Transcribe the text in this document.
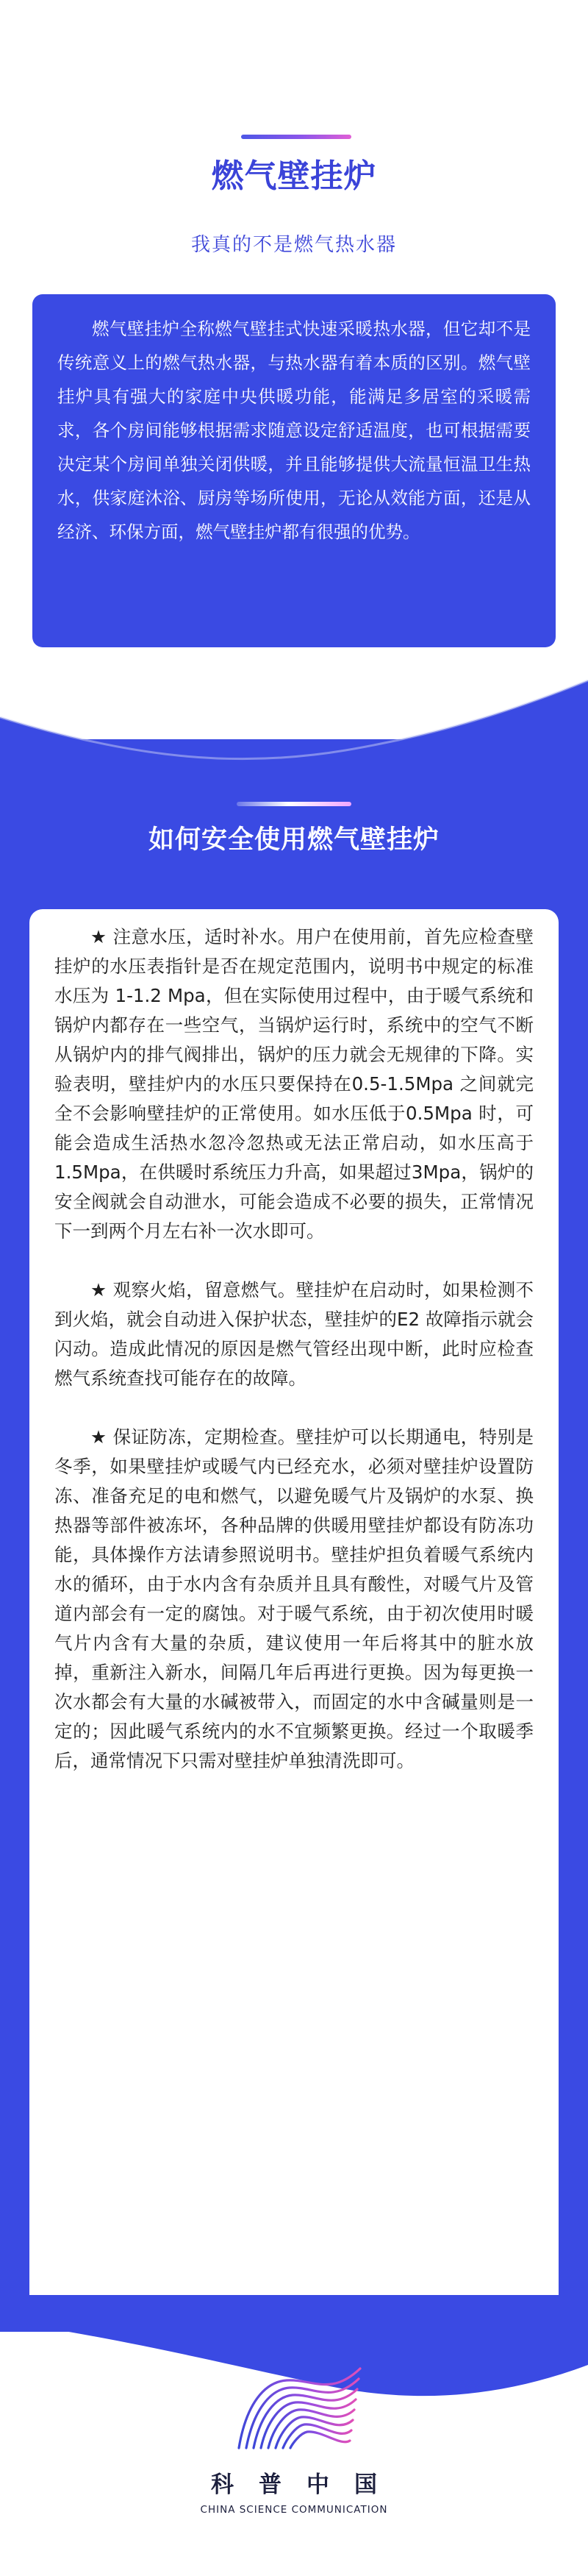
燃气壁挂炉
我真的不是燃气热水器
燃气壁挂炉全称燃气壁挂式快速采暖热水器，但它却不是传统意义上的燃气热水器，与热水器有着本质的区别。燃气壁挂炉具有强大的家庭中央供暖功能，能满足多居室的采暖需求，各个房间能够根据需求随意设定舒适温度，也可根据需要决定某个房间单独关闭供暖，并且能够提供大流量恒温卫生热水，供家庭沐浴、厨房等场所使用，无论从效能方面，还是从经济、环保方面，燃气壁挂炉都有很强的优势。
如何安全使用燃气壁挂炉

★ 注意水压，适时补水。用户在使用前，首先应检查壁挂炉的水压表指针是否在规定范围内，说明书中规定的标准水压为 1-1.2 Mpa，但在实际使用过程中，由于暖气系统和锅炉内都存在一些空气，当锅炉运行时，系统中的空气不断从锅炉内的排气阀排出，锅炉的压力就会无规律的下降。实验表明，壁挂炉内的水压只要保持在0.5-1.5Mpa 之间就完全不会影响壁挂炉的正常使用。如水压低于0.5Mpa 时，可能会造成生活热水忽冷忽热或无法正常启动，如水压高于1.5Mpa，在供暖时系统压力升高，如果超过3Mpa，锅炉的安全阀就会自动泄水，可能会造成不必要的损失，正常情况下一到两个月左右补一次水即可。

★ 观察火焰，留意燃气。壁挂炉在启动时，如果检测不到火焰，就会自动进入保护状态，壁挂炉的E2 故障指示就会闪动。造成此情况的原因是燃气管经出现中断，此时应检查燃气系统查找可能存在的故障。

★ 保证防冻，定期检查。壁挂炉可以长期通电，特别是冬季，如果壁挂炉或暖气内已经充水，必须对壁挂炉设置防冻、准备充足的电和燃气，以避免暖气片及锅炉的水泵、换热器等部件被冻坏，各种品牌的供暖用壁挂炉都设有防冻功能，具体操作方法请参照说明书。壁挂炉担负着暖气系统内水的循环，由于水内含有杂质并且具有酸性，对暖气片及管道内部会有一定的腐蚀。对于暖气系统，由于初次使用时暖气片内含有大量的杂质，建议使用一年后将其中的脏水放掉，重新注入新水，间隔几年后再进行更换。因为每更换一次水都会有大量的水碱被带入，而固定的水中含碱量则是一定的；因此暖气系统内的水不宜频繁更换。经过一个取暖季后，通常情况下只需对壁挂炉单独清洗即可。

科普中国
CHINA SCIENCE COMMUNICATION
